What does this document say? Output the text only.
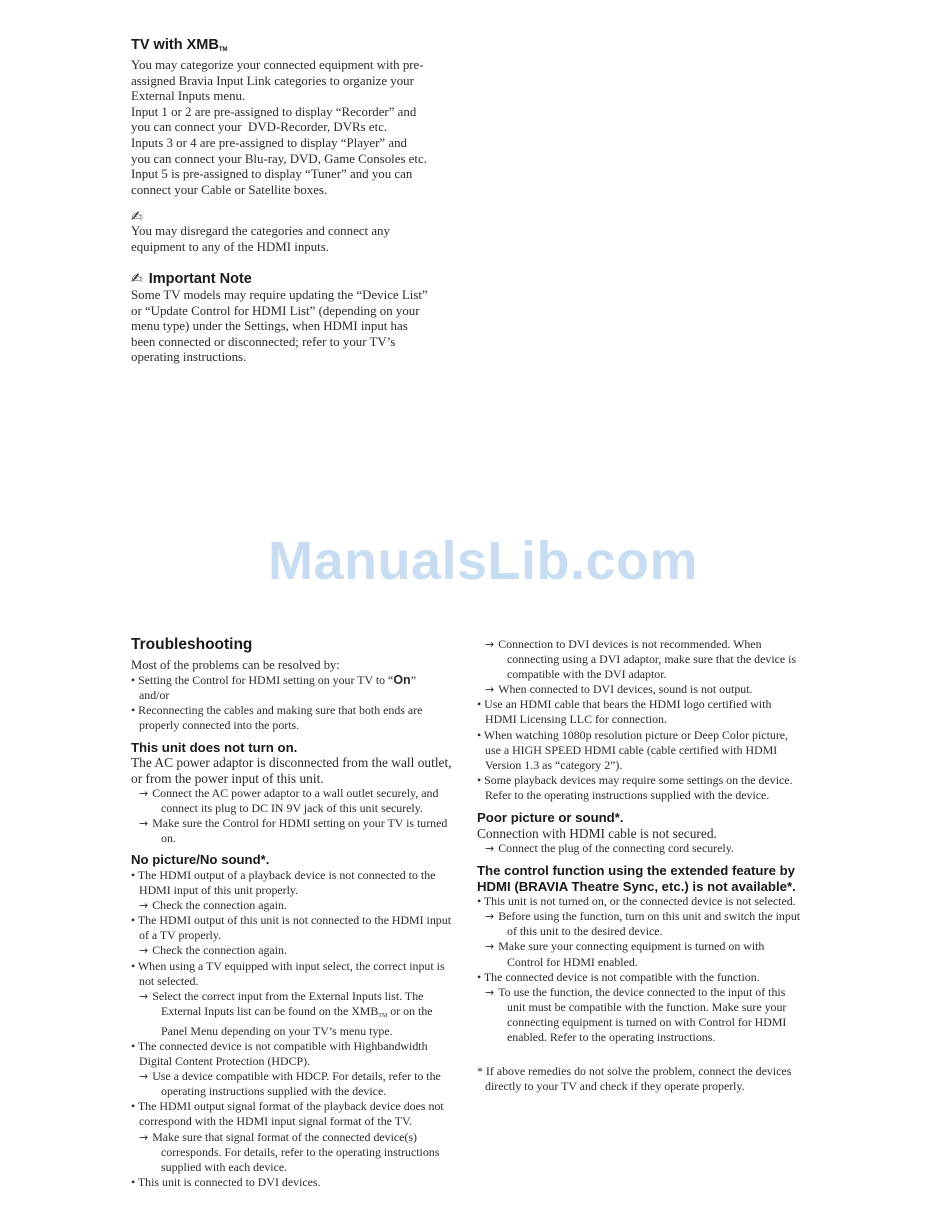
TV with XMBTM

You may categorize your connected equipment with pre-

assigned Bravia Input Link categories to organize your

External Inputs menu.

Input 1 or 2 are pre-assigned to display “Recorder” and

you can connect your  DVD-Recorder, DVRs etc.

Inputs 3 or 4 are pre-assigned to display “Player” and

you can connect your Blu-ray, DVD, Game Consoles etc.

Input 5 is pre-assigned to display “Tuner” and you can

connect your Cable or Satellite boxes.

✍

You may disregard the categories and connect any

equipment to any of the HDMI inputs.

✍ Important Note

Some TV models may require updating the “Device List”

or “Update Control for HDMI List” (depending on your

menu type) under the Settings, when HDMI input has

been connected or disconnected; refer to your TV’s

operating instructions.

ManualsLib.com
Troubleshooting

Most of the problems can be resolved by:

• Setting the Control for HDMI setting on your TV to “On”

and/or

• Reconnecting the cables and making sure that both ends are properly connected into the ports.

This unit does not turn on.

The AC power adaptor is disconnected from the wall outlet, or from the power input of this unit.

→ Connect the AC power adaptor to a wall outlet securely, and connect its plug to DC IN 9V jack of this unit securely.

→ Make sure the Control for HDMI setting on your TV is turned on.

No picture/No sound*.

• The HDMI output of a playback device is not connected to the HDMI input of this unit properly.

→ Check the connection again.

• The HDMI output of this unit is not connected to the HDMI input of a TV properly.

→ Check the connection again.

• When using a TV equipped with input select, the correct input is not selected.

→ Select the correct input from the External Inputs list. The External Inputs list can be found on the XMBTM or on the Panel Menu depending on your TV’s menu type.

• The connected device is not compatible with Highbandwidth Digital Content Protection (HDCP).

→ Use a device compatible with HDCP. For details, refer to the operating instructions supplied with the device.

• The HDMI output signal format of the playback device does not correspond with the HDMI input signal format of the TV.

→ Make sure that signal format of the connected device(s) corresponds. For details, refer to the operating instructions supplied with each device.

• This unit is connected to DVI devices.

→ Connection to DVI devices is not recommended. When connecting using a DVI adaptor, make sure that the device is compatible with the DVI adaptor.

→ When connected to DVI devices, sound is not output.

• Use an HDMI cable that bears the HDMI logo certified with HDMI Licensing LLC for connection.

• When watching 1080p resolution picture or Deep Color picture, use a HIGH SPEED HDMI cable (cable certified with HDMI Version 1.3 as “category 2”).

• Some playback devices may require some settings on the device. Refer to the operating instructions supplied with the device.

Poor picture or sound*.

Connection with HDMI cable is not secured.

→ Connect the plug of the connecting cord securely.

The control function using the extended feature by HDMI (BRAVIA Theatre Sync, etc.) is not available*.

• This unit is not turned on, or the connected device is not selected.

→ Before using the function, turn on this unit and switch the input of this unit to the desired device.

→ Make sure your connecting equipment is turned on with Control for HDMI enabled.

• The connected device is not compatible with the function.

→ To use the function, the device connected to the input of this unit must be compatible with the function. Make sure your connecting equipment is turned on with Control for HDMI enabled. Refer to the operating instructions.

* If above remedies do not solve the problem, connect the devices directly to your TV and check if they operate properly.
